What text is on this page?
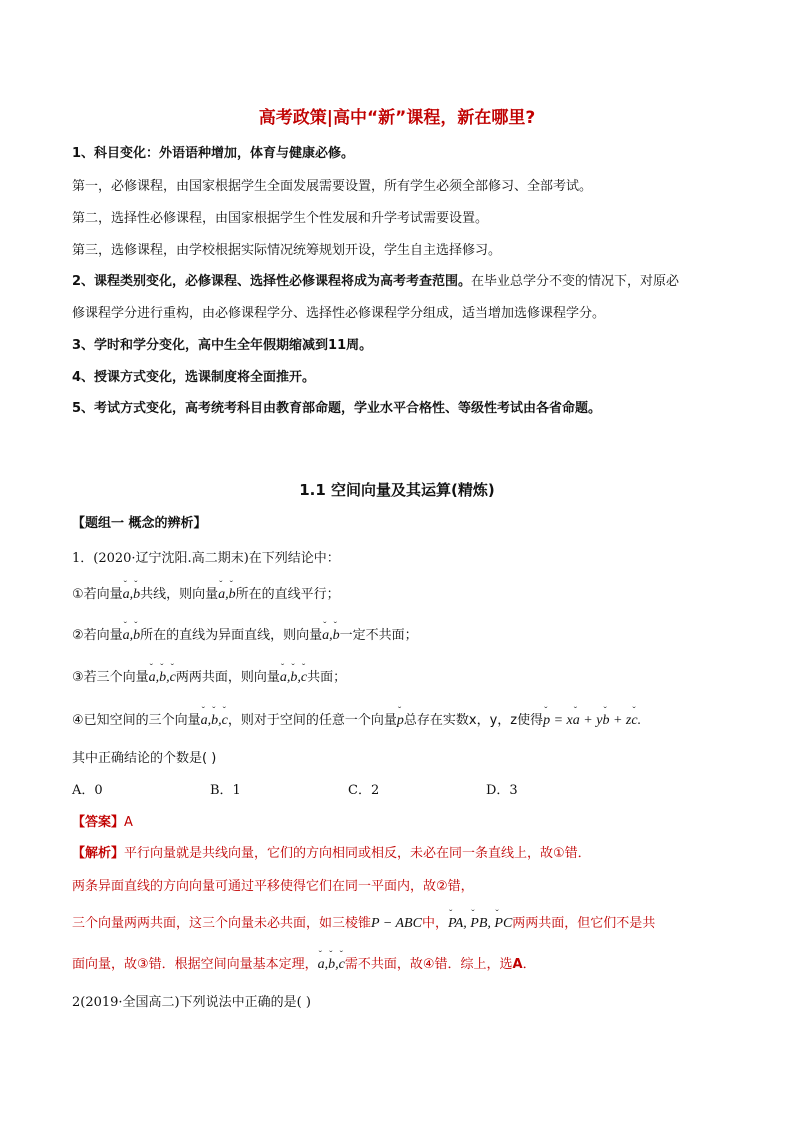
高考政策|高中“新”课程，新在哪里?
1、科目变化：外语语种增加，体育与健康必修。
第一，必修课程，由国家根据学生全面发展需要设置，所有学生必须全部修习、全部考试。
第二，选择性必修课程，由国家根据学生个性发展和升学考试需要设置。
第三，选修课程，由学校根据实际情况统筹规划开设，学生自主选择修习。
2、课程类别变化，必修课程、选择性必修课程将成为高考考查范围。在毕业总学分不变的情况下，对原必
修课程学分进行重构，由必修课程学分、选择性必修课程学分组成，适当增加选修课程学分。
3、学时和学分变化，高中生全年假期缩减到11周。
4、授课方式变化，选课制度将全面推开。
5、考试方式变化，高考统考科目由教育部命题，学业水平合格性、等级性考试由各省命题。
1.1 空间向量及其运算(精炼)
【题组一 概念的辨析】
1．(2020·辽宁沈阳.高二期末)在下列结论中：
①若向量ˇ a,ˇ b共线，则向量ˇ a,ˇ b所在的直线平行；
②若向量ˇ a,ˇ b所在的直线为异面直线，则向量ˇ a,ˇ b一定不共面；
③若三个向量ˇ a,ˇ b,ˇ c两两共面，则向量ˇ a,ˇ b,ˇ c共面；
④已知空间的三个向量ˇ a,ˇ b,ˇ c，则对于空间的任意一个向量ˇ p总存在实数x，y，z使得ˇ p = xˇ a + yˇ b + zˇ c.
其中正确结论的个数是( )
A．0	B．1	C．2	D．3
【答案】A
【解析】平行向量就是共线向量，它们的方向相同或相反，未必在同一条直线上，故①错．
两条异面直线的方向向量可通过平移使得它们在同一平面内，故②错，
三个向量两两共面，这三个向量未必共面，如三棱锥P − ABC中，ˇ PA, ˇ PB, ˇ PC两两共面，但它们不是共
面向量，故③错．根据空间向量基本定理，ˇ a,ˇ b,ˇ c需不共面，故④错．综上，选A．
2(2019·全国高二)下列说法中正确的是( )
